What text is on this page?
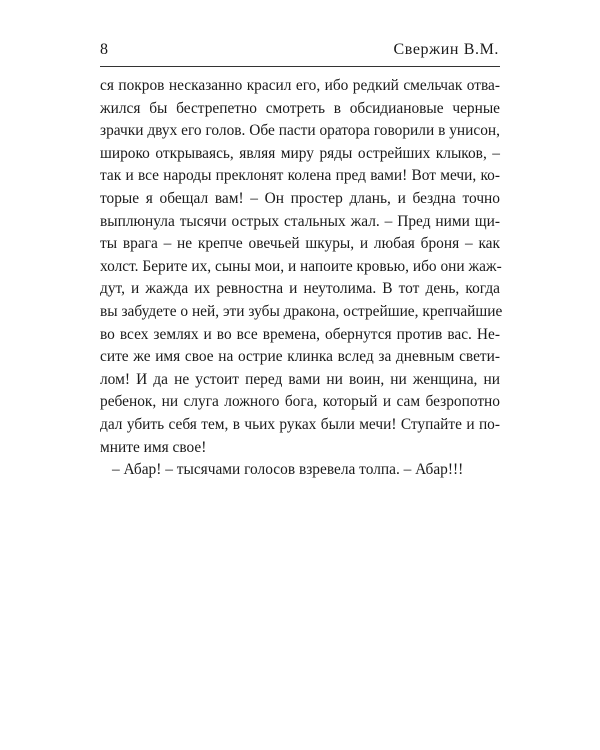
8	Свержин В.М.
ся покров несказанно красил его, ибо редкий смельчак отва-
жился бы бестрепетно смотреть в обсидиановые черные
зрачки двух его голов. Обе пасти оратора говорили в унисон,
широко открываясь, являя миру ряды острейших клыков, –
так и все народы преклонят колена пред вами! Вот мечи, ко-
торые я обещал вам! – Он простер длань, и бездна точно
выплюнула тысячи острых стальных жал. – Пред ними щи-
ты врага – не крепче овечьей шкуры, и любая броня – как
холст. Берите их, сыны мои, и напоите кровью, ибо они жаж-
дут, и жажда их ревностна и неутолима. В тот день, когда
вы забудете о ней, эти зубы дракона, острейшие, крепчайшие
во всех землях и во все времена, обернутся против вас. Не-
сите же имя свое на острие клинка вслед за дневным свети-
лом! И да не устоит перед вами ни воин, ни женщина, ни
ребенок, ни слуга ложного бога, который и сам безропотно
дал убить себя тем, в чьих руках были мечи! Ступайте и по-
мните имя свое!
– Абар! – тысячами голосов взревела толпа. – Абар!!!
